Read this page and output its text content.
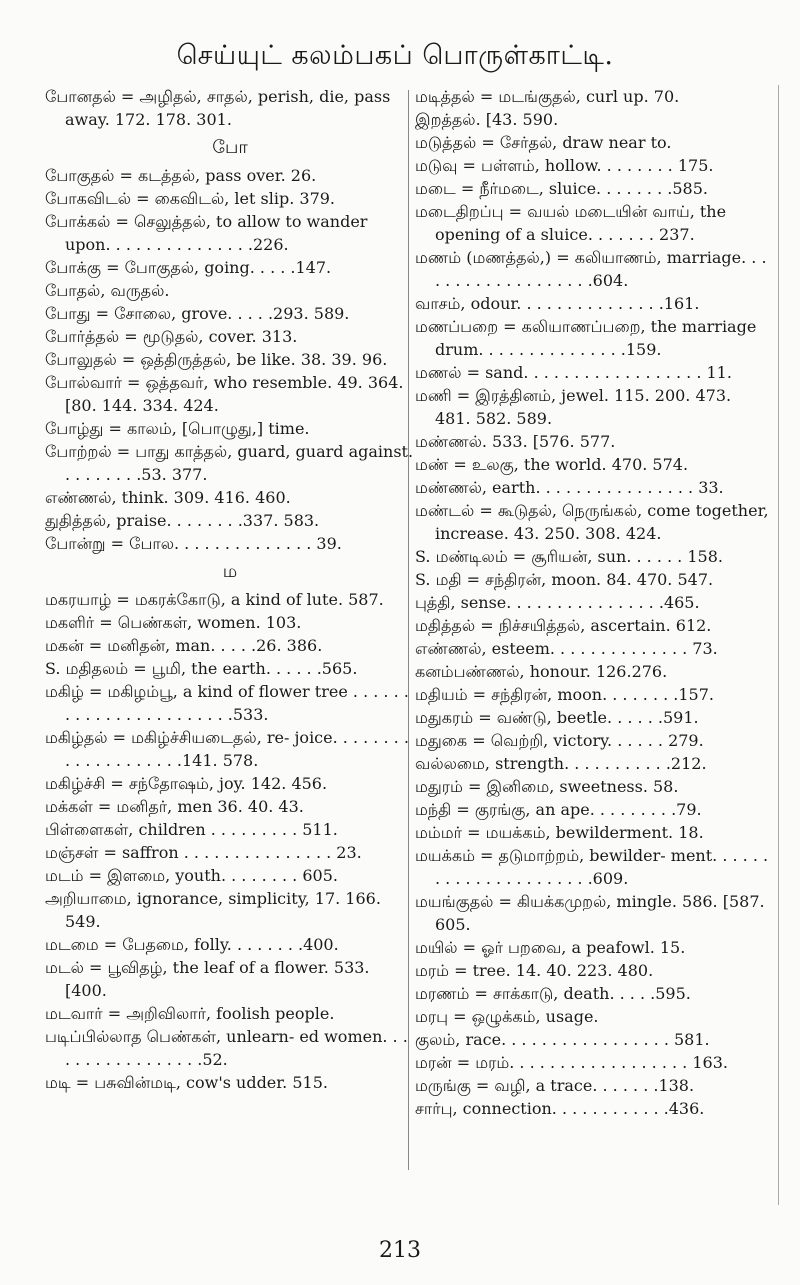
செய்யுட் கலம்பகப் பொருள்காட்டி.
போனதல் = அழிதல், சாதல், perish, die, pass away. 172. 178. 301.
போ
போகுதல் = கடத்தல், pass over. 26.
போகவிடல் = கைவிடல், let slip. 379.
போக்கல் = செலுத்தல், to allow to wander upon. . . . . . . . . . . . . . .226.
போக்கு = போகுதல், going. . . . .147.
போதல், வருதல்.
போது = சோலை, grove. . . . .293. 589.
போர்த்தல் = மூடுதல், cover. 313.
போலுதல் = ஒத்திருத்தல், be like. 38. 39. 96.
போல்வார் = ஒத்தவர், who resemble. 49. 364. [80. 144. 334. 424.
போழ்து = காலம், [பொழுது,] time.
போற்றல் = பாது காத்தல், guard, guard against. . . . . . . . .53. 377.
எண்ணல், think. 309. 416. 460.
துதித்தல், praise. . . . . . . .337. 583.
போன்று = போல. . . . . . . . . . . . . . 39.
ம
மகரயாழ் = மகரக்கோடு, a kind of lute. 587.
மகளிர் = பெண்கள், women. 103.
மகன் = மனிதன், man. . . . .26. 386.
S. மதிதலம் = பூமி, the earth. . . . . .565.
மகிழ் = மகிழம்பூ, a kind of flower tree . . . . . . . . . . . . . . . . . . . . . . .533.
மகிழ்தல் = மகிழ்ச்சியடைதல், re- joice. . . . . . . . . . . . . . . . . . . .141. 578.
மகிழ்ச்சி = சந்தோஷம், joy. 142. 456.
மக்கள் = மனிதர், men 36. 40. 43.
பிள்ளைகள், children . . . . . . . . . 511.
மஞ்சள் = saffron . . . . . . . . . . . . . . . 23.
மடம் = இளமை, youth. . . . . . . . 605.
அறியாமை, ignorance, simplicity, 17. 166. 549.
மடமை = பேதமை, folly. . . . . . . .400.
மடல் = பூவிதழ், the leaf of a flower. 533. [400.
மடவார் = அறிவிலார், foolish people.
படிப்பில்லாத பெண்கள், unlearn- ed women. . . . . . . . . . . . . . . . .52.
மடி = பசுவின்மடி, cow's udder. 515.
மடித்தல் = மடங்குதல், curl up. 70.
இறத்தல். [43. 590.
மடுத்தல் = சேர்தல், draw near to.
மடுவு = பள்ளம், hollow. . . . . . . . 175.
மடை = நீர்மடை, sluice. . . . . . . .585.
மடைதிறப்பு = வயல் மடையின் வாய், the opening of a sluice. . . . . . . 237.
மணம் (மணத்தல்,) = கலியாணம், marriage. . . . . . . . . . . . . . . . . . .604.
வாசம், odour. . . . . . . . . . . . . . .161.
மணப்பறை = கலியாணப்பறை, the marriage drum. . . . . . . . . . . . . . .159.
மணல் = sand. . . . . . . . . . . . . . . . . . 11.
மணி = இரத்தினம், jewel. 115. 200. 473. 481. 582. 589.
மண்ணல். 533. [576. 577.
மண் = உலகு, the world. 470. 574.
மண்ணல், earth. . . . . . . . . . . . . . . . 33.
மண்டல் = கூடுதல், நெருங்கல், come together, increase. 43. 250. 308. 424.
S. மண்டிலம் = சூரியன், sun. . . . . . 158.
S. மதி = சந்திரன், moon. 84. 470. 547.
புத்தி, sense. . . . . . . . . . . . . . . .465.
மதித்தல் = நிச்சயித்தல், ascertain. 612.
எண்ணல், esteem. . . . . . . . . . . . . . 73.
கனம்பண்ணல், honour. 126.276.
மதியம் = சந்திரன், moon. . . . . . . .157.
மதுகரம் = வண்டு, beetle. . . . . .591.
மதுகை = வெற்றி, victory. . . . . . 279.
வல்லமை, strength. . . . . . . . . . .212.
மதுரம் = இனிமை, sweetness. 58.
மந்தி = குரங்கு, an ape. . . . . . . . .79.
மம்மர் = மயக்கம், bewilderment. 18.
மயக்கம் = தடுமாற்றம், bewilder- ment. . . . . . . . . . . . . . . . . . . . . .609.
மயங்குதல் = கியக்கமுறல், mingle. 586. [587. 605.
மயில் = ஓர் பறவை, a peafowl. 15.
மரம் = tree. 14. 40. 223. 480.
மரணம் = சாக்காடு, death. . . . .595.
மரபு = ஒழுக்கம், usage.
குலம், race. . . . . . . . . . . . . . . . . 581.
மரன் = மரம். . . . . . . . . . . . . . . . . . 163.
மருங்கு = வழி, a trace. . . . . . .138.
சார்பு, connection. . . . . . . . . . . .436.
213
